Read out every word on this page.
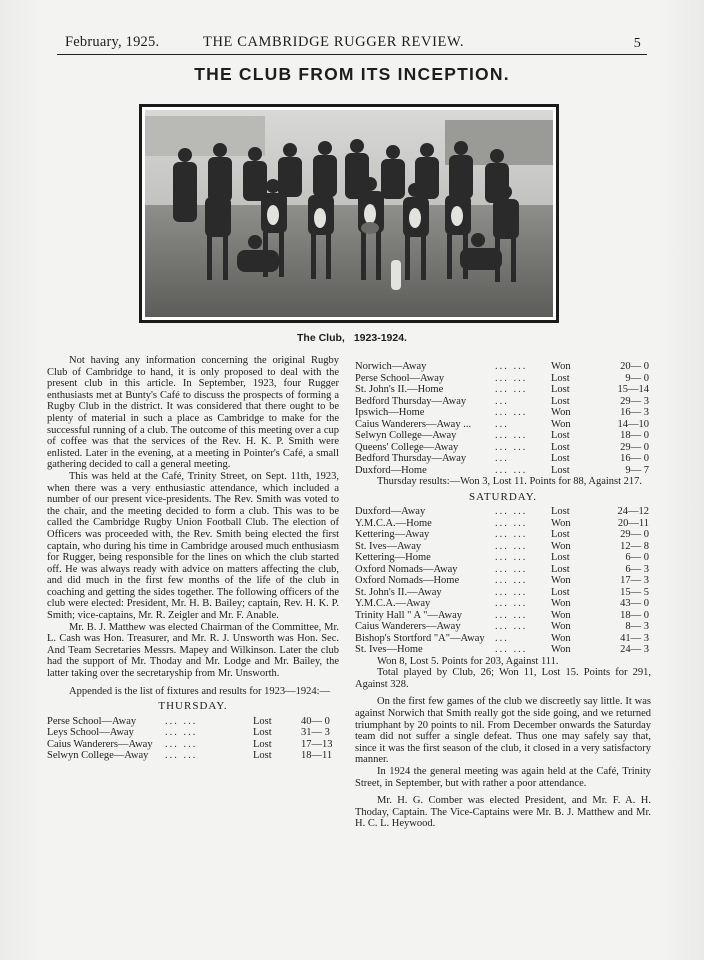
February, 1925.	THE CAMBRIDGE RUGGER REVIEW.	5
THE CLUB FROM ITS INCEPTION.
The Club, 1923-1924.

Not having any information concerning the original Rugby Club of Cambridge to hand, it is only proposed to deal with the present club in this article. In September, 1923, four Rugger enthusiasts met at Bunty's Café to discuss the prospects of forming a Rugby Club in the district. It was considered that there ought to be plenty of material in such a place as Cambridge to make for the successful running of a club. The outcome of this meeting over a cup of coffee was that the services of the Rev. H. K. P. Smith were enlisted. Later in the evening, at a meeting in Pointer's Café, a small gathering decided to call a general meeting.

This was held at the Café, Trinity Street, on Sept. 11th, 1923, when there was a very enthusiastic attendance, which included a number of our present vice-presidents. The Rev. Smith was voted to the chair, and the meeting decided to form a club. This was to be called the Cambridge Rugby Union Football Club. The election of Officers was proceeded with, the Rev. Smith being elected the first captain, who during his time in Cambridge aroused much enthusiasm for Rugger, being responsible for the lines on which the club started off. He was always ready with advice on matters affecting the club, and did much in the first few months of the life of the club in coaching and getting the sides together. The following officers of the club were elected: President, Mr. H. B. Bailey; captain, Rev. H. K. P. Smith; vice-captains, Mr. R. Zeigler and Mr. F. Anable.

Mr. B. J. Matthew was elected Chairman of the Committee, Mr. L. Cash was Hon. Treasurer, and Mr. R. J. Unsworth was Hon. Sec. And Team Secretaries Messrs. Mapey and Wilkinson. Later the club had the support of Mr. Thoday and Mr. Lodge and Mr. Bailey, the latter taking over the secretaryship from Mr. Unsworth.

Appended is the list of fixtures and results for 1923—1924:—

THURSDAY.
Perse School—Away	... ...	Lost	40— 0
Leys School—Away	... ...	Lost	31— 3
Caius Wanderers—Away	... ...	Lost	17—13
Selwyn College—Away	... ...	Lost	18—11
Norwich—Away	... ...	Won	20— 0
Perse School—Away	... ...	Lost	9— 0
St. John's II.—Home	... ...	Lost	15—14
Bedford Thursday—Away	...	Lost	29— 3
Ipswich—Home	... ...	Won	16— 3
Caius Wanderers—Away ...	...	Won	14—10
Selwyn College—Away	... ...	Lost	18— 0
Queens' College—Away	... ...	Lost	29— 0
Bedford Thursday—Away	...	Lost	16— 0
Duxford—Home	... ...	Lost	9— 7

Thursday results:—Won 3, Lost 11. Points for 88, Against 217.

SATURDAY.
Duxford—Away	... ...	Lost	24—12
Y.M.C.A.—Home	... ...	Won	20—11
Kettering—Away	... ...	Lost	29— 0
St. Ives—Away	... ...	Won	12— 8
Kettering—Home	... ...	Lost	6— 0
Oxford Nomads—Away	... ...	Lost	6— 3
Oxford Nomads—Home	... ...	Won	17— 3
St. John's II.—Away	... ...	Lost	15— 5
Y.M.C.A.—Away	... ...	Won	43— 0
Trinity Hall " A "—Away	... ...	Won	18— 0
Caius Wanderers—Away	... ...	Won	8— 3
Bishop's Stortford "A"—Away	...	Won	41— 3
St. Ives—Home	... ...	Won	24— 3

Won 8, Lost 5. Points for 203, Against 111.

Total played by Club, 26; Won 11, Lost 15. Points for 291, Against 328.

On the first few games of the club we discreetly say little. It was against Norwich that Smith really got the side going, and we returned triumphant by 20 points to nil. From December onwards the Saturday team did not suffer a single defeat. Thus one may safely say that, since it was the first season of the club, it closed in a very satisfactory manner.

In 1924 the general meeting was again held at the Café, Trinity Street, in September, but with rather a poor attendance.

Mr. H. G. Comber was elected President, and Mr. F. A. H. Thoday, Captain. The Vice-Captains were Mr. B. J. Matthew and Mr. H. C. L. Heywood.
